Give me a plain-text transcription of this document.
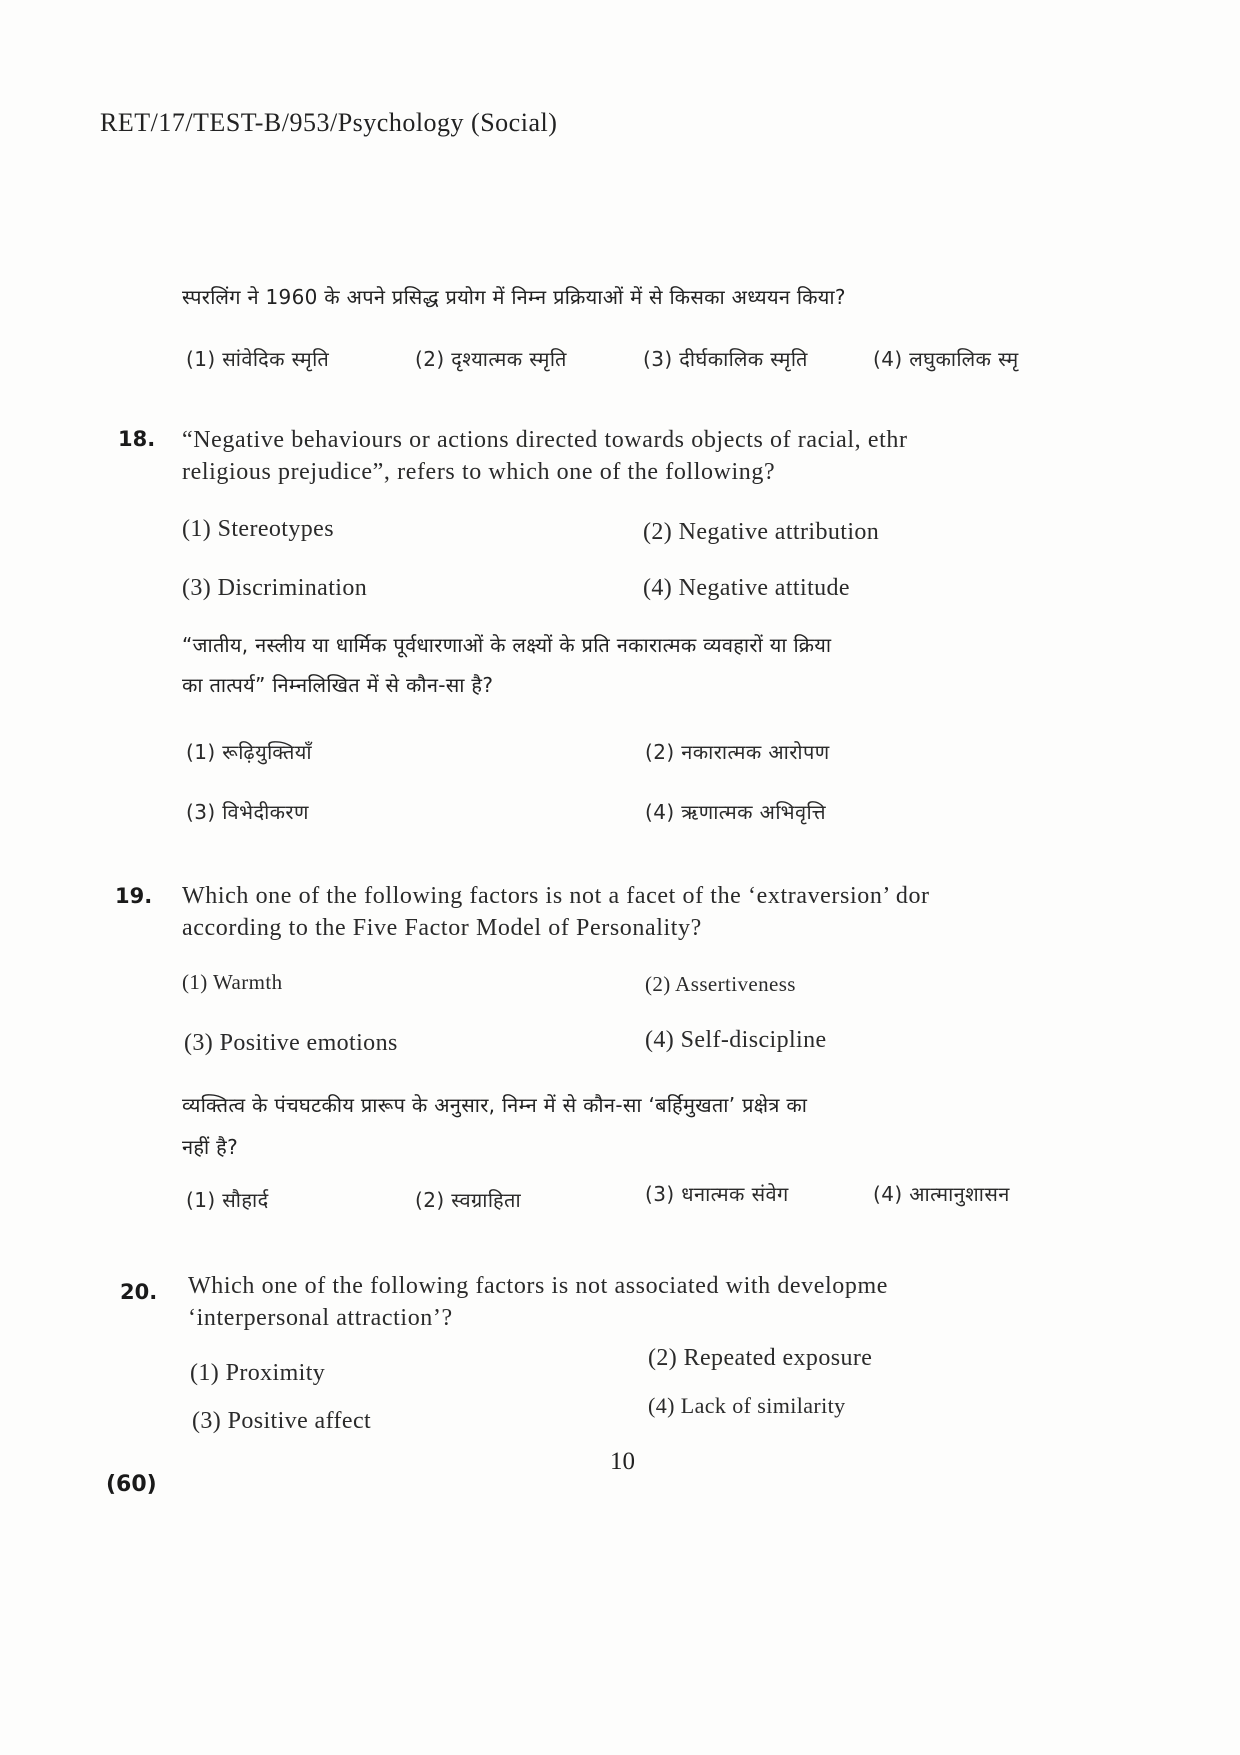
RET/17/TEST-B/953/Psychology (Social)
स्परलिंग ने 1960 के अपने प्रसिद्ध प्रयोग में निम्न प्रक्रियाओं में से किसका अध्ययन किया?
(1) सांवेदिक स्मृति	(2) दृश्यात्मक स्मृति	(3) दीर्घकालिक स्मृति	(4) लघुकालिक स्मृ
18. “Negative behaviours or actions directed towards objects of racial, ethr
religious prejudice”, refers to which one of the following?
(1) Stereotypes	(2) Negative attribution
(3) Discrimination	(4) Negative attitude
“जातीय, नस्लीय या धार्मिक पूर्वधारणाओं के लक्ष्यों के प्रति नकारात्मक व्यवहारों या क्रिया
का तात्पर्य” निम्नलिखित में से कौन-सा है?
(1) रूढ़ियुक्तियाँ	(2) नकारात्मक आरोपण
(3) विभेदीकरण	(4) ऋणात्मक अभिवृत्ति
19. Which one of the following factors is not a facet of the ‘extraversion’ dor
according to the Five Factor Model of Personality?
(1) Warmth	(2) Assertiveness
(3) Positive emotions	(4) Self-discipline
व्यक्तित्व के पंचघटकीय प्रारूप के अनुसार, निम्न में से कौन-सा ‘बर्हिमुखता’ प्रक्षेत्र का
नहीं है?
(1) सौहार्द	(2) स्वग्राहिता	(3) धनात्मक संवेग	(4) आत्मानुशासन
20. Which one of the following factors is not associated with developme
‘interpersonal attraction’?
(1) Proximity
(2) Repeated exposure
(3) Positive affect
(4) Lack of similarity
10
(60)
